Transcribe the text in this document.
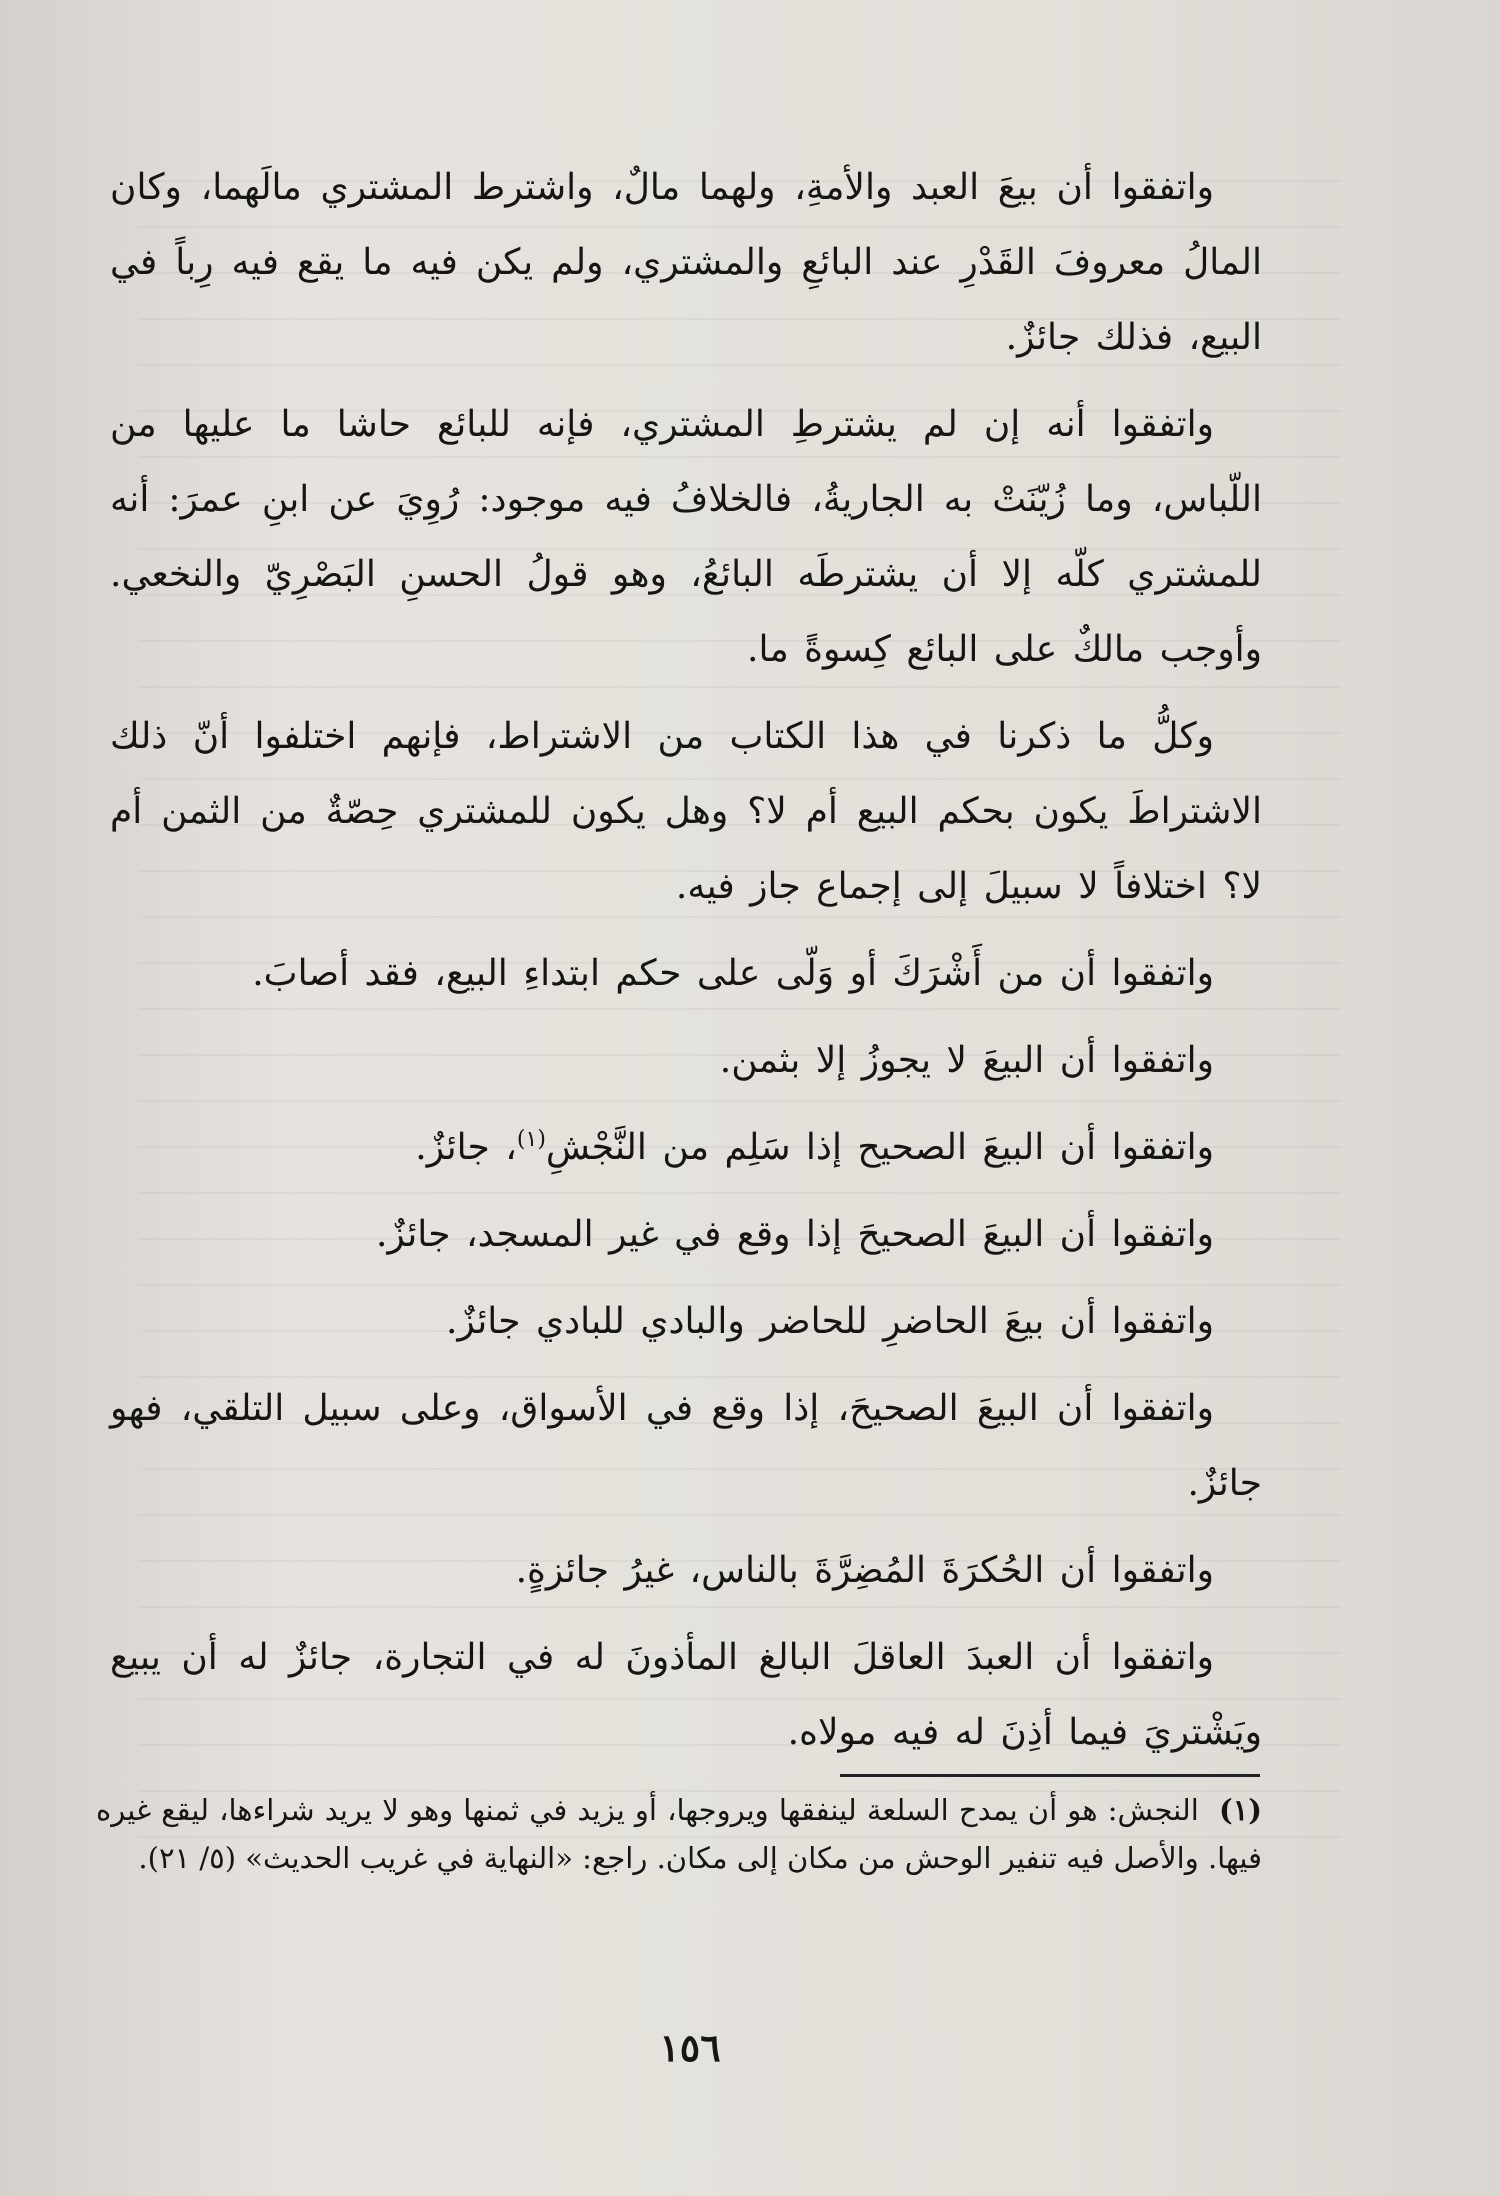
واتفقوا أن بيعَ العبد والأمةِ، ولهما مالٌ، واشترط المشتري مالَهما، وكان المالُ معروفَ القَدْرِ عند البائعِ والمشتري، ولم يكن فيه ما يقع فيه رِباً في البيع، فذلك جائزٌ.

واتفقوا أنه إن لم يشترطِ المشتري، فإنه للبائع حاشا ما عليها من اللّباس، وما زُيّنَتْ به الجاريةُ، فالخلافُ فيه موجود: رُوِيَ عن ابنِ عمرَ: أنه للمشتري كلّه إلا أن يشترطَه البائعُ، وهو قولُ الحسنِ البَصْرِيّ والنخعي. وأوجب مالكٌ على البائع كِسوةً ما.

وكلُّ ما ذكرنا في هذا الكتاب من الاشتراط، فإنهم اختلفوا أنّ ذلك الاشتراطَ يكون بحكم البيع أم لا؟ وهل يكون للمشتري حِصّةٌ من الثمن أم لا؟ اختلافاً لا سبيلَ إلى إجماع جاز فيه.

واتفقوا أن من أَشْرَكَ أو وَلّى على حكم ابتداءِ البيع، فقد أصابَ.

واتفقوا أن البيعَ لا يجوزُ إلا بثمن.

واتفقوا أن البيعَ الصحيح إذا سَلِم من النَّجْشِ$^{(١)}$، جائزٌ.

واتفقوا أن البيعَ الصحيحَ إذا وقع في غير المسجد، جائزٌ.

واتفقوا أن بيعَ الحاضرِ للحاضر والبادي للبادي جائزٌ.

واتفقوا أن البيعَ الصحيحَ، إذا وقع في الأسواق، وعلى سبيل التلقي، فهو جائزٌ.

واتفقوا أن الحُكرَةَ المُضِرَّةَ بالناس، غيرُ جائزةٍ.

واتفقوا أن العبدَ العاقلَ البالغ المأذونَ له في التجارة، جائزٌ له أن يبيع ويَشْتريَ فيما أذِنَ له فيه مولاه.

(١) النجش: هو أن يمدح السلعة لينفقها ويروجها، أو يزيد في ثمنها وهو لا يريد شراءها، ليقع غيره فيها. والأصل فيه تنفير الوحش من مكان إلى مكان. راجع: «النهاية في غريب الحديث» (٥/ ٢١).
١٥٦
